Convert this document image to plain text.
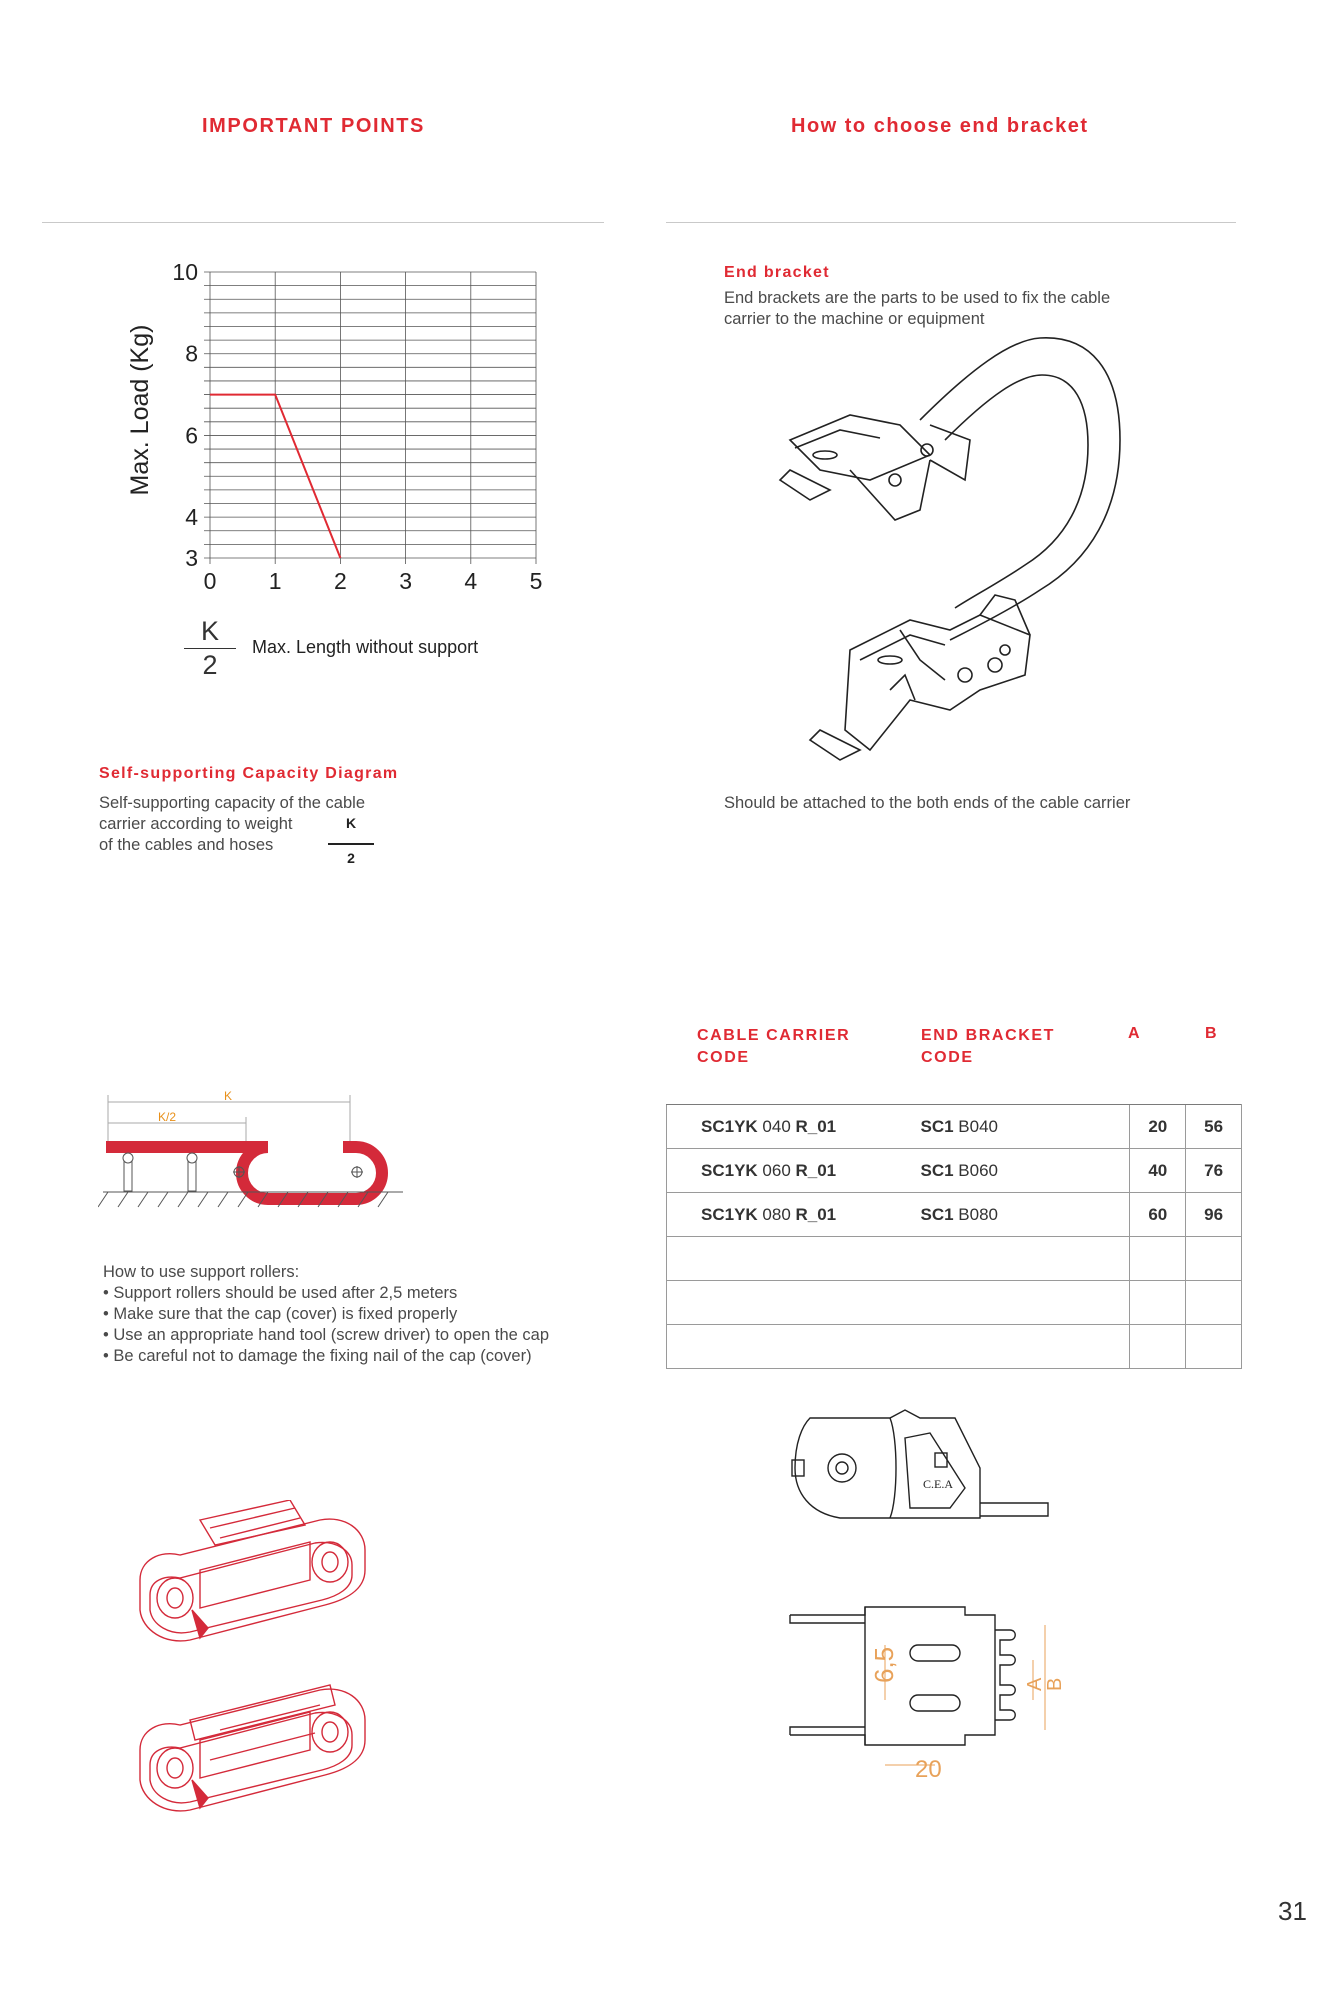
IMPORTANT POINTS	How to choose end bracket
0 1 2 3 4 5
3
4
6
8
10
Max. Load (Kg)
K
2
Max. Length without support
Self-supporting Capacity Diagram
Self-supporting capacity of the cable
carrier according to weight
of the cables and hoses
K
2
K
K/2
How to use support rollers:
• Support rollers should be used after 2,5 meters
• Make sure that the cap (cover) is fixed properly
• Use an appropriate hand tool (screw driver) to open the cap
• Be careful not to damage the fixing nail of the cap (cover)
End bracket
End brackets are the parts to be used to fix the cable
carrier to the machine or equipment
Should be attached to the both ends of the cable carrier
CABLE CARRIER
CODE
END BRACKET
CODE
A	B
SC1YK 040 R_01	SC1 B040	20	56
SC1YK 060 R_01	SC1 B060	40	76
SC1YK 080 R_01	SC1 B080	60	96

C.E.A
6,5
A
B
20
31
